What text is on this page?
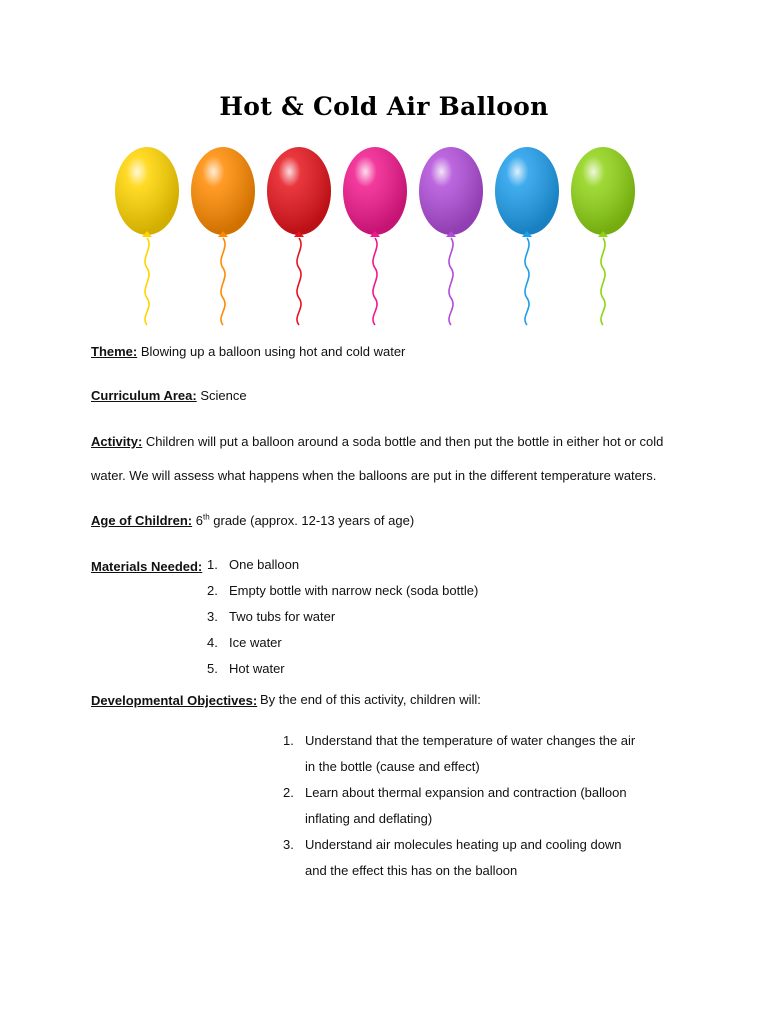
Hot & Cold Air Balloon
Theme: Blowing up a balloon using hot and cold water
Curriculum Area: Science
Activity: Children will put a balloon around a soda bottle and then put the bottle in either hot or cold
water. We will assess what happens when the balloons are put in the different temperature waters.
Age of Children: 6th grade (approx. 12-13 years of age)
Materials Needed: 1. One balloon
2. Empty bottle with narrow neck (soda bottle)
3. Two tubs for water
4. Ice water
5. Hot water
Developmental Objectives: By the end of this activity, children will:
1. Understand that the temperature of water changes the air in the bottle (cause and effect)
2. Learn about thermal expansion and contraction (balloon inflating and deflating)
3. Understand air molecules heating up and cooling down and the effect this has on the balloon
